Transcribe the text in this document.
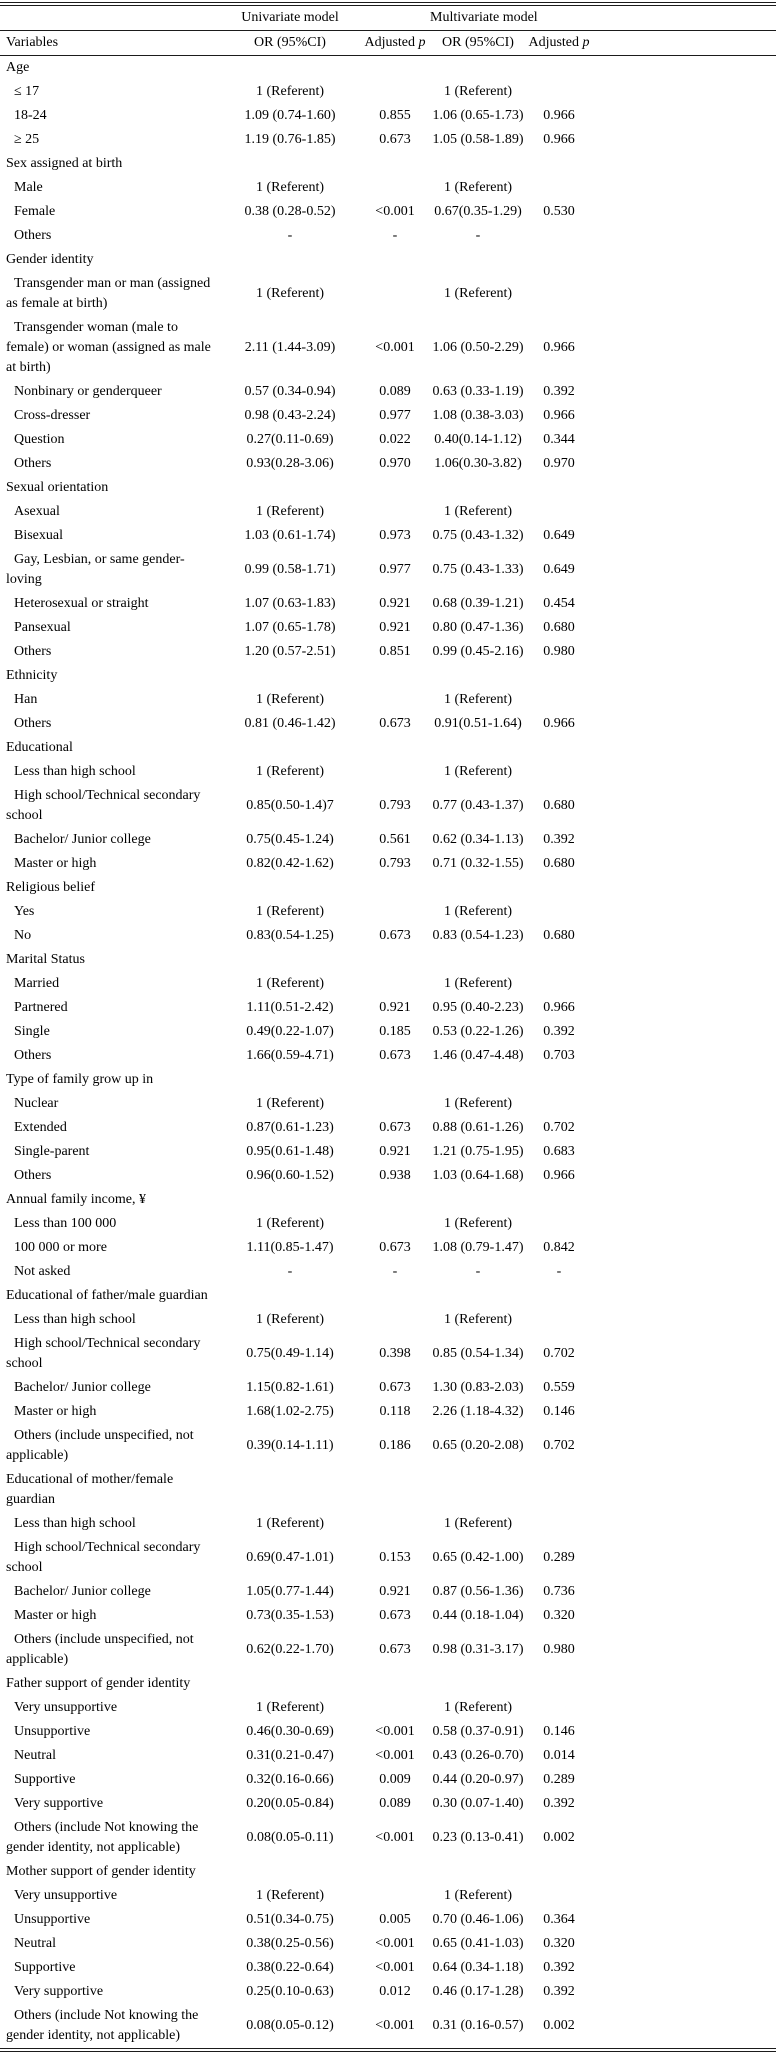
	Univariate model		Multivariate model		
Variables	OR (95%CI)	Adjusted p	OR (95%CI)	Adjusted p	
Age					
≤ 17	1 (Referent)		1 (Referent)		
18-24	1.09 (0.74-1.60)	0.855	1.06 (0.65-1.73)	0.966	
≥ 25	1.19 (0.76-1.85)	0.673	1.05 (0.58-1.89)	0.966	
Sex assigned at birth					
Male	1 (Referent)		1 (Referent)		
Female	0.38 (0.28-0.52)	<0.001	0.67(0.35-1.29)	0.530	
Others	-	-	-		
Gender identity					
Transgender man or man (assigned as female at birth)	1 (Referent)		1 (Referent)		
Transgender woman (male to female) or woman (assigned as male at birth)	2.11 (1.44-3.09)	<0.001	1.06 (0.50-2.29)	0.966	
Nonbinary or genderqueer	0.57 (0.34-0.94)	0.089	0.63 (0.33-1.19)	0.392	
Cross-dresser	0.98 (0.43-2.24)	0.977	1.08 (0.38-3.03)	0.966	
Question	0.27(0.11-0.69)	0.022	0.40(0.14-1.12)	0.344	
Others	0.93(0.28-3.06)	0.970	1.06(0.30-3.82)	0.970	
Sexual orientation					
Asexual	1 (Referent)		1 (Referent)		
Bisexual	1.03 (0.61-1.74)	0.973	0.75 (0.43-1.32)	0.649	
Gay, Lesbian, or same gender-loving	0.99 (0.58-1.71)	0.977	0.75 (0.43-1.33)	0.649	
Heterosexual or straight	1.07 (0.63-1.83)	0.921	0.68 (0.39-1.21)	0.454	
Pansexual	1.07 (0.65-1.78)	0.921	0.80 (0.47-1.36)	0.680	
Others	1.20 (0.57-2.51)	0.851	0.99 (0.45-2.16)	0.980	
Ethnicity					
Han	1 (Referent)		1 (Referent)		
Others	0.81 (0.46-1.42)	0.673	0.91(0.51-1.64)	0.966	
Educational					
Less than high school	1 (Referent)		1 (Referent)		
High school/Technical secondary school	0.85(0.50-1.4)7	0.793	0.77 (0.43-1.37)	0.680	
Bachelor/ Junior college	0.75(0.45-1.24)	0.561	0.62 (0.34-1.13)	0.392	
Master or high	0.82(0.42-1.62)	0.793	0.71 (0.32-1.55)	0.680	
Religious belief					
Yes	1 (Referent)		1 (Referent)		
No	0.83(0.54-1.25)	0.673	0.83 (0.54-1.23)	0.680	
Marital Status					
Married	1 (Referent)		1 (Referent)		
Partnered	1.11(0.51-2.42)	0.921	0.95 (0.40-2.23)	0.966	
Single	0.49(0.22-1.07)	0.185	0.53 (0.22-1.26)	0.392	
Others	1.66(0.59-4.71)	0.673	1.46 (0.47-4.48)	0.703	
Type of family grow up in					
Nuclear	1 (Referent)		1 (Referent)		
Extended	0.87(0.61-1.23)	0.673	0.88 (0.61-1.26)	0.702	
Single-parent	0.95(0.61-1.48)	0.921	1.21 (0.75-1.95)	0.683	
Others	0.96(0.60-1.52)	0.938	1.03 (0.64-1.68)	0.966	
Annual family income, ¥					
Less than 100 000	1 (Referent)		1 (Referent)		
100 000 or more	1.11(0.85-1.47)	0.673	1.08 (0.79-1.47)	0.842	
Not asked	-	-	-	-	
Educational of father/male guardian					
Less than high school	1 (Referent)		1 (Referent)		
High school/Technical secondary school	0.75(0.49-1.14)	0.398	0.85 (0.54-1.34)	0.702	
Bachelor/ Junior college	1.15(0.82-1.61)	0.673	1.30 (0.83-2.03)	0.559	
Master or high	1.68(1.02-2.75)	0.118	2.26 (1.18-4.32)	0.146	
Others (include unspecified, not applicable)	0.39(0.14-1.11)	0.186	0.65 (0.20-2.08)	0.702	
Educational of mother/female guardian					
Less than high school	1 (Referent)		1 (Referent)		
High school/Technical secondary school	0.69(0.47-1.01)	0.153	0.65 (0.42-1.00)	0.289	
Bachelor/ Junior college	1.05(0.77-1.44)	0.921	0.87 (0.56-1.36)	0.736	
Master or high	0.73(0.35-1.53)	0.673	0.44 (0.18-1.04)	0.320	
Others (include unspecified, not applicable)	0.62(0.22-1.70)	0.673	0.98 (0.31-3.17)	0.980	
Father support of gender identity					
Very unsupportive	1 (Referent)		1 (Referent)		
Unsupportive	0.46(0.30-0.69)	<0.001	0.58 (0.37-0.91)	0.146	
Neutral	0.31(0.21-0.47)	<0.001	0.43 (0.26-0.70)	0.014	
Supportive	0.32(0.16-0.66)	0.009	0.44 (0.20-0.97)	0.289	
Very supportive	0.20(0.05-0.84)	0.089	0.30 (0.07-1.40)	0.392	
Others (include Not knowing the gender identity, not applicable)	0.08(0.05-0.11)	<0.001	0.23 (0.13-0.41)	0.002	
Mother support of gender identity					
Very unsupportive	1 (Referent)		1 (Referent)		
Unsupportive	0.51(0.34-0.75)	0.005	0.70 (0.46-1.06)	0.364	
Neutral	0.38(0.25-0.56)	<0.001	0.65 (0.41-1.03)	0.320	
Supportive	0.38(0.22-0.64)	<0.001	0.64 (0.34-1.18)	0.392	
Very supportive	0.25(0.10-0.63)	0.012	0.46 (0.17-1.28)	0.392	
Others (include Not knowing the gender identity, not applicable)	0.08(0.05-0.12)	<0.001	0.31 (0.16-0.57)	0.002	
